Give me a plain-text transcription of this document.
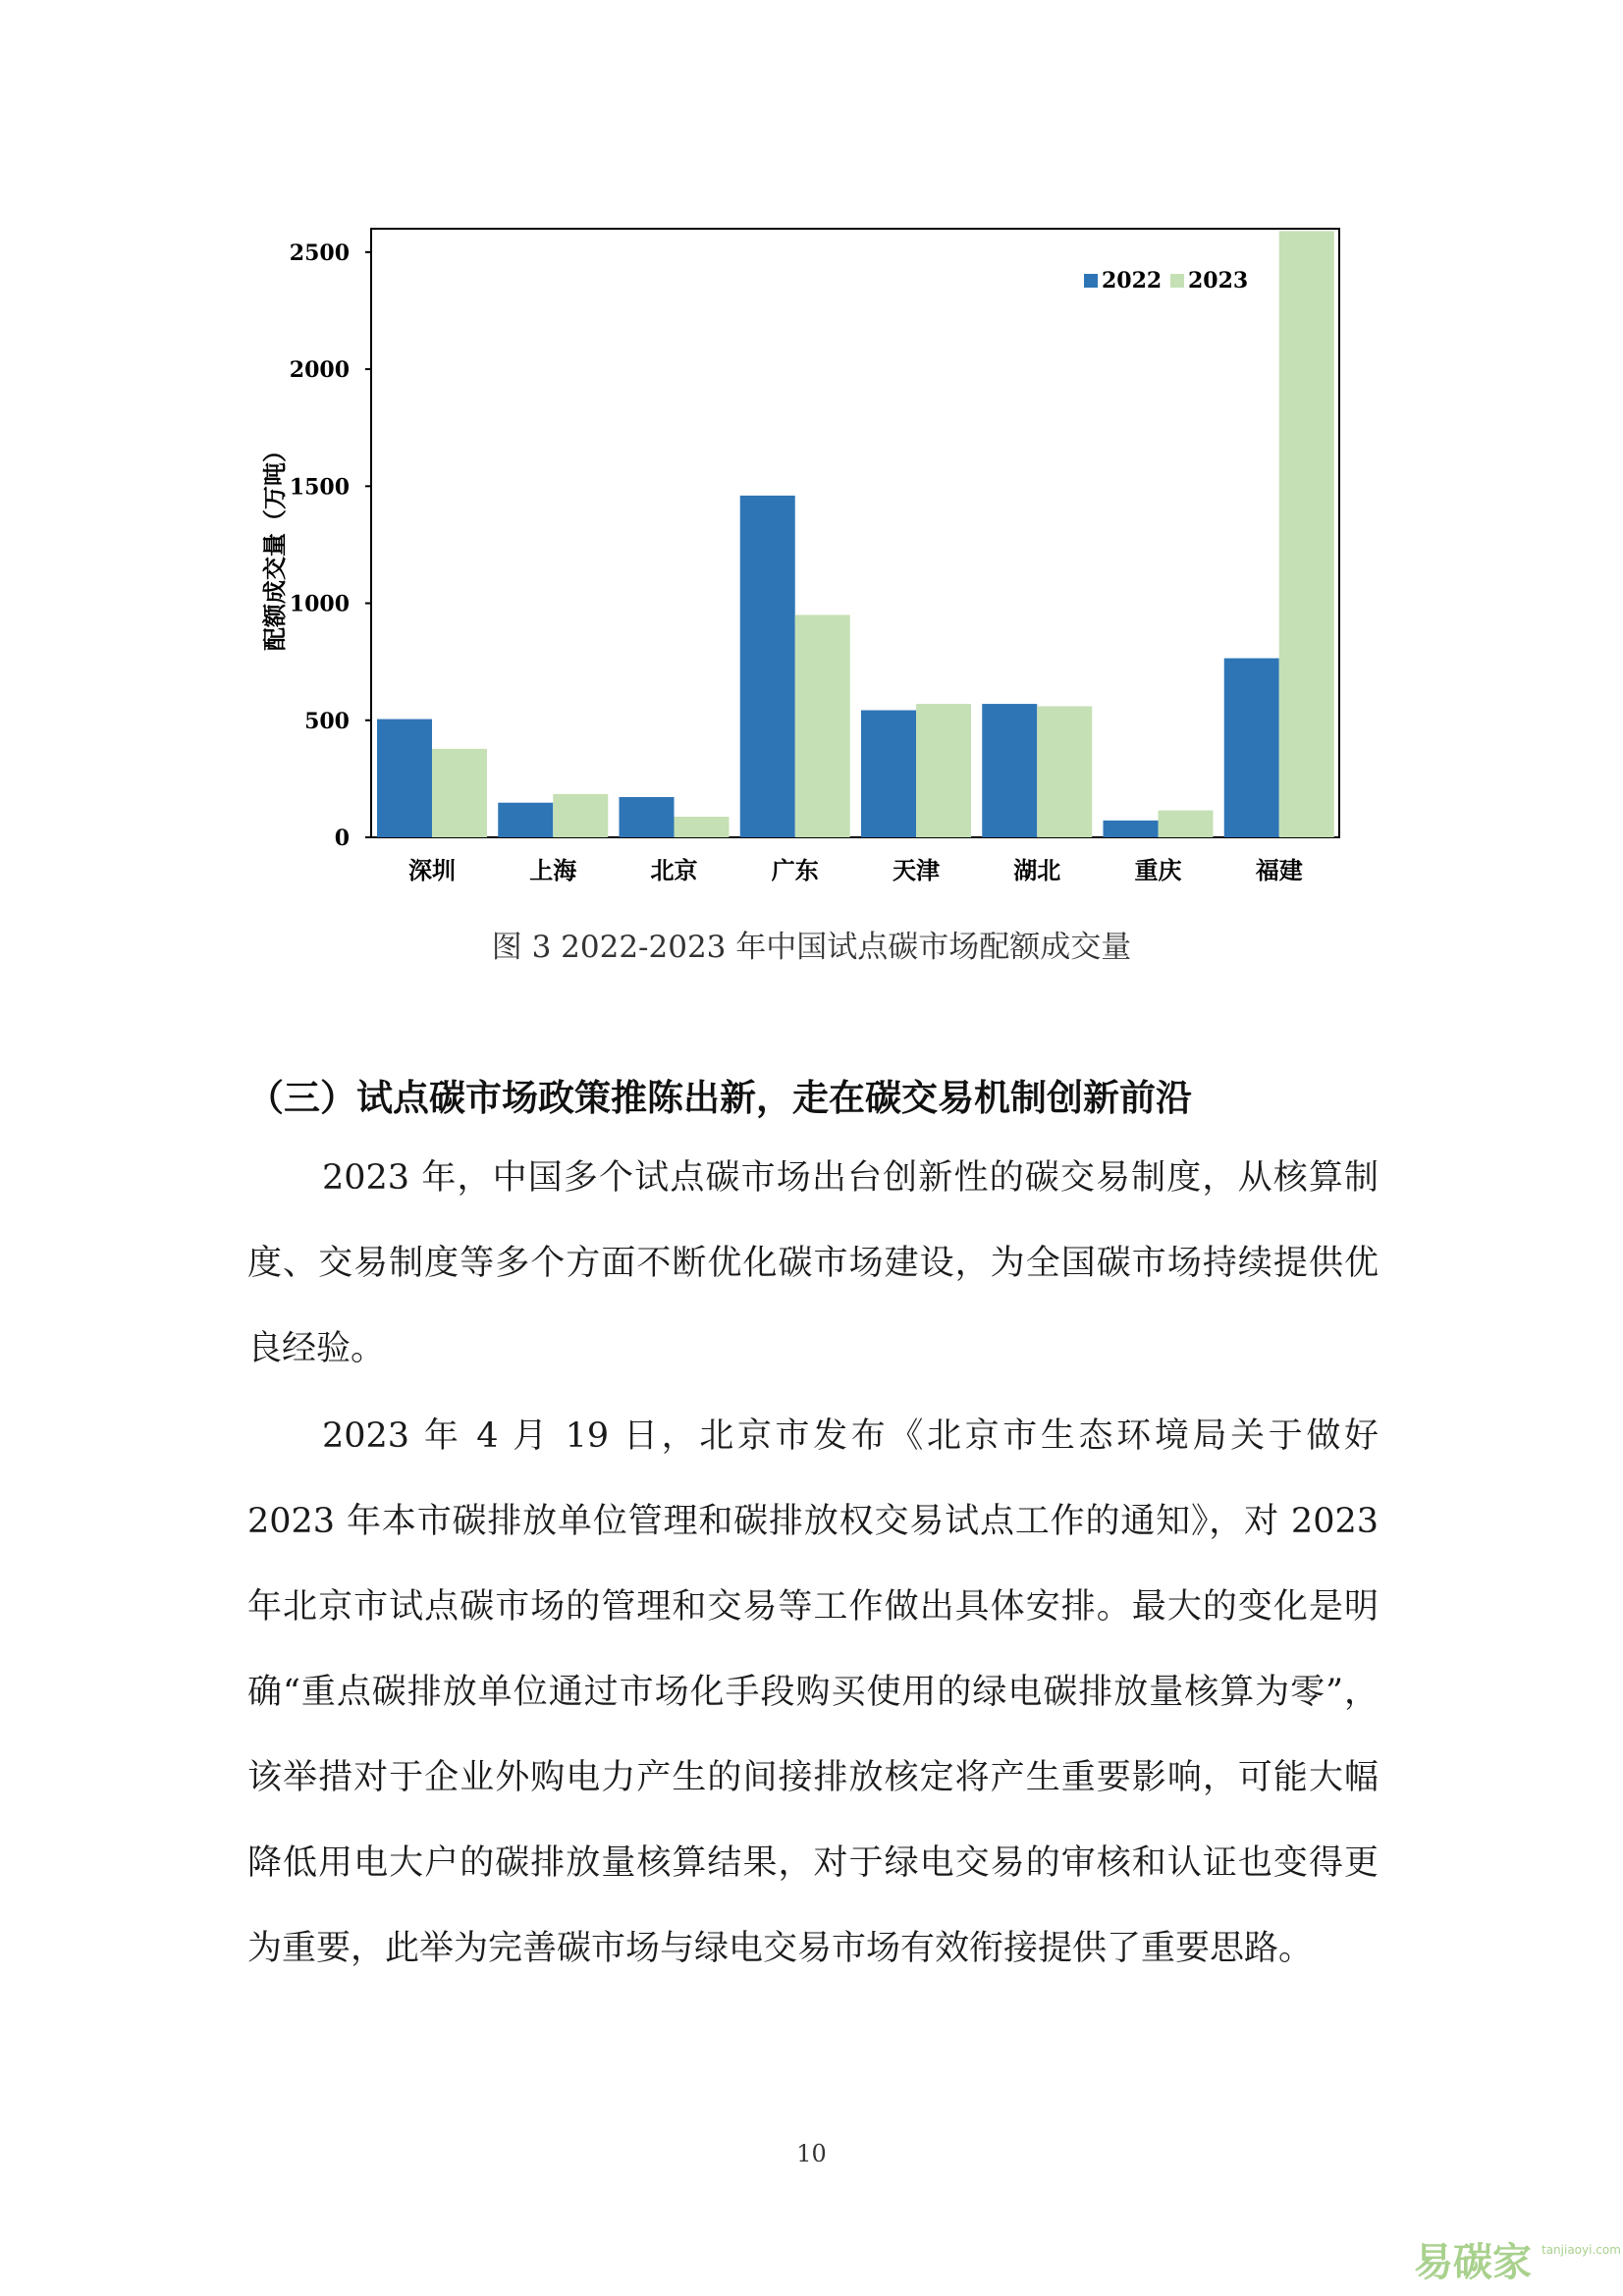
0
500
1000
1500
2000
2500
深圳	上海	北京	广东	天津	湖北	重庆	福建
配额成交量（万吨）
2022 2023
图 3 2022-2023 年中国试点碳市场配额成交量
（三）试点碳市场政策推陈出新，走在碳交易机制创新前沿
2023 年，中国多个试点碳市场出台创新性的碳交易制度，从核算制度、交易制度等多个方面不断优化碳市场建设，为全国碳市场持续提供优良经验。
2023 年 4 月 19 日，北京市发布《北京市生态环境局关于做好 2023 年本市碳排放单位管理和碳排放权交易试点工作的通知》，对 2023 年北京市试点碳市场的管理和交易等工作做出具体安排。最大的变化是明确“重点碳排放单位通过市场化手段购买使用的绿电碳排放量核算为零”，该举措对于企业外购电力产生的间接排放核定将产生重要影响，可能大幅降低用电大户的碳排放量核算结果，对于绿电交易的审核和认证也变得更为重要，此举为完善碳市场与绿电交易市场有效衔接提供了重要思路。
10
易碳家 tanjiaoyi.com
